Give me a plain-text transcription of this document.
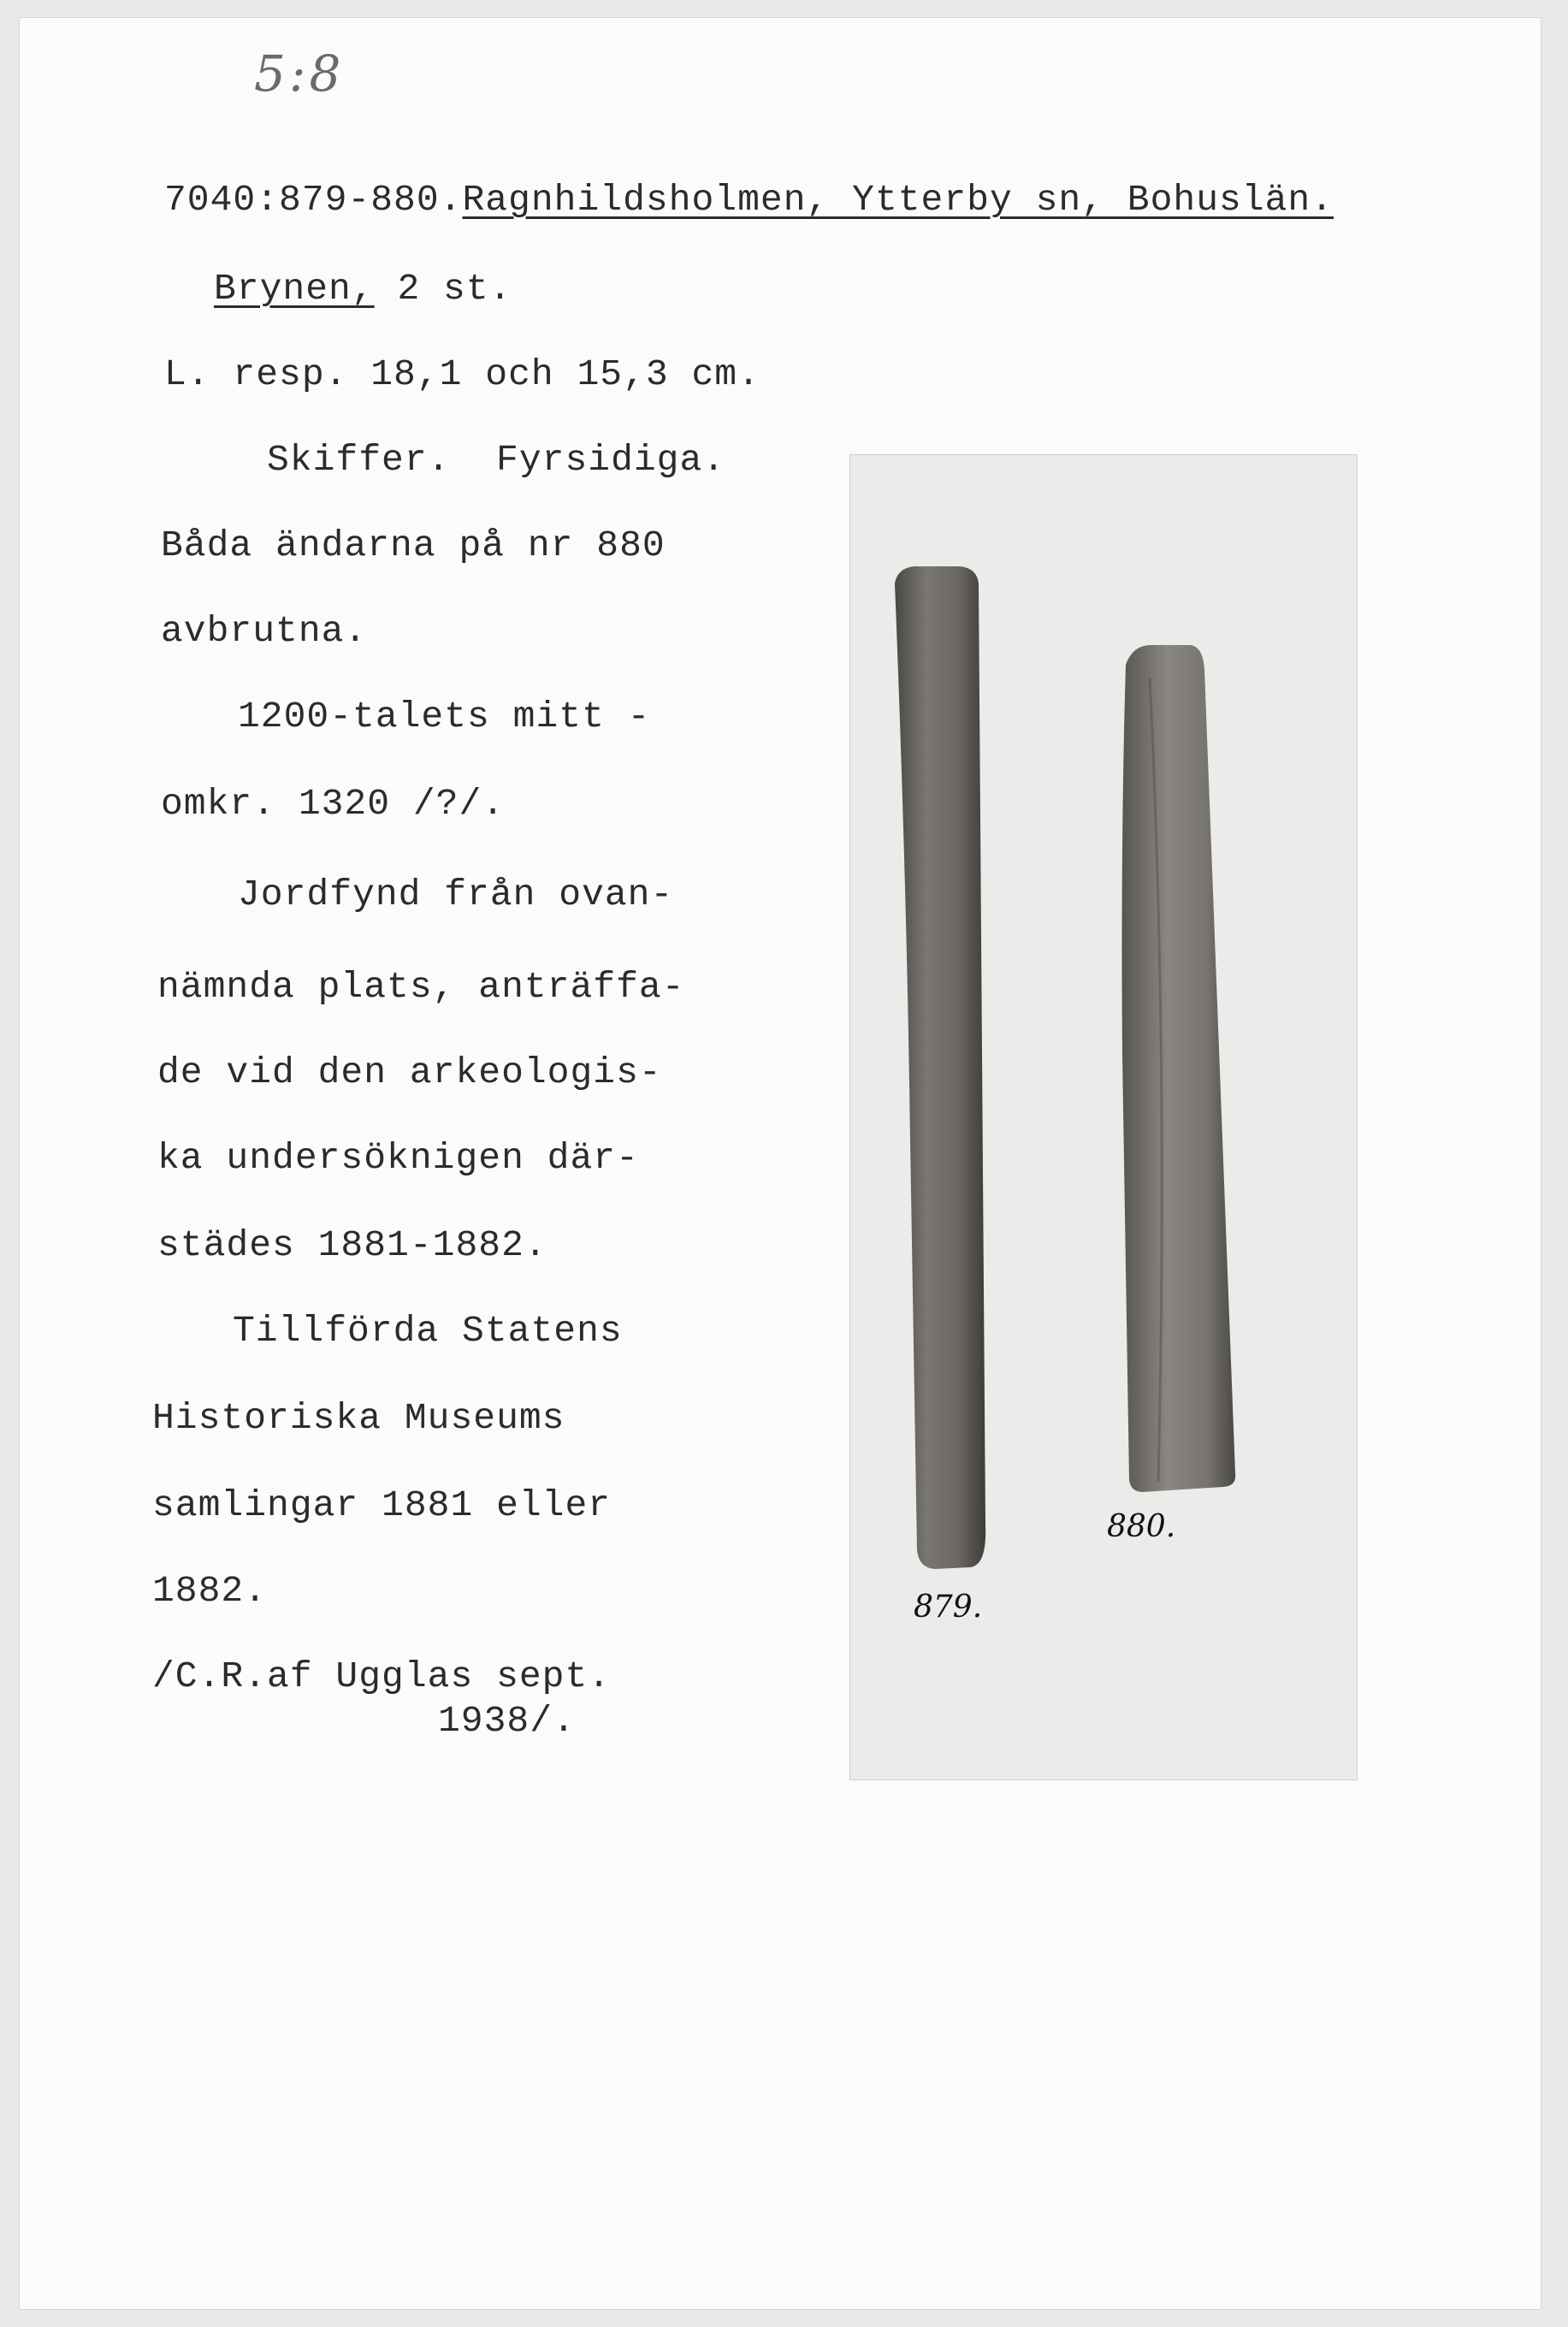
5:8
7040:879-880.Ragnhildsholmen, Ytterby sn, Bohuslän.
Brynen, 2 st.
L. resp. 18,1 och 15,3 cm.
Skiffer.  Fyrsidiga.
Båda ändarna på nr 880
avbrutna.
1200-talets mitt -
omkr. 1320 /?/.
Jordfynd från ovan-
nämnda plats, anträffa-
de vid den arkeologis-
ka undersöknigen där-
städes 1881-1882.
Tillförda Statens
Historiska Museums
samlingar 1881 eller
1882.
/C.R.af Ugglas sept.
1938/.
880.
879.
